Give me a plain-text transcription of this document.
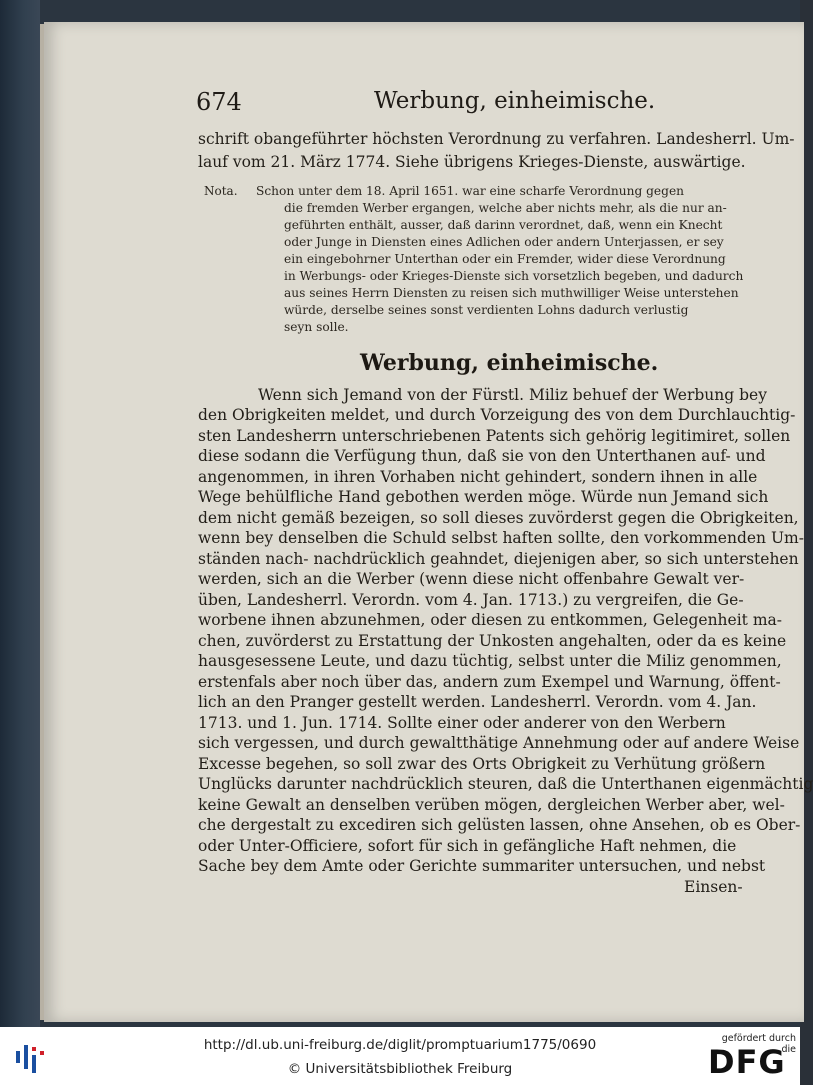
674	Werbung, einheimische.
schrift obangeführter höchsten Verordnung zu verfahren. Landesherrl. Um-
lauf vom 21. März 1774. Siehe übrigens Krieges-Dienste, auswärtige.
Nota.	Schon unter dem 18. April 1651. war eine scharfe Verordnung gegen
die fremden Werber ergangen, welche aber nichts mehr, als die nur an-
geführten enthält, ausser, daß darinn verordnet, daß, wenn ein Knecht
oder Junge in Diensten eines Adlichen oder andern Unterjassen, er sey
ein eingebohrner Unterthan oder ein Fremder, wider diese Verordnung
in Werbungs- oder Krieges-Dienste sich vorsetzlich begeben, und dadurch
aus seines Herrn Diensten zu reisen sich muthwilliger Weise unterstehen
würde, derselbe seines sonst verdienten Lohns dadurch verlustig
seyn solle.
Werbung, einheimische.
Wenn sich Jemand von der Fürstl. Miliz behuef der Werbung bey
den Obrigkeiten meldet, und durch Vorzeigung des von dem Durchlauchtig-
sten Landesherrn unterschriebenen Patents sich gehörig legitimiret, sollen
diese sodann die Verfügung thun, daß sie von den Unterthanen auf- und
angenommen, in ihren Vorhaben nicht gehindert, sondern ihnen in alle
Wege behülfliche Hand gebothen werden möge. Würde nun Jemand sich
dem nicht gemäß bezeigen, so soll dieses zuvörderst gegen die Obrigkeiten,
wenn bey denselben die Schuld selbst haften sollte, den vorkommenden Um-
ständen nach- nachdrücklich geahndet, diejenigen aber, so sich unterstehen
werden, sich an die Werber (wenn diese nicht offenbahre Gewalt ver-
üben, Landesherrl. Verordn. vom 4. Jan. 1713.) zu vergreifen, die Ge-
worbene ihnen abzunehmen, oder diesen zu entkommen, Gelegenheit ma-
chen, zuvörderst zu Erstattung der Unkosten angehalten, oder da es keine
hausgesessene Leute, und dazu tüchtig, selbst unter die Miliz genommen,
erstenfals aber noch über das, andern zum Exempel und Warnung, öffent-
lich an den Pranger gestellt werden. Landesherrl. Verordn. vom 4. Jan.
1713. und 1. Jun. 1714. Sollte einer oder anderer von den Werbern
sich vergessen, und durch gewaltthätige Annehmung oder auf andere Weise
Excesse begehen, so soll zwar des Orts Obrigkeit zu Verhütung größern
Unglücks darunter nachdrücklich steuren, daß die Unterthanen eigenmächtig
keine Gewalt an denselben verüben mögen, dergleichen Werber aber, wel-
che dergestalt zu excediren sich gelüsten lassen, ohne Ansehen, ob es Ober-
oder Unter-Officiere, sofort für sich in gefängliche Haft nehmen, die
Sache bey dem Amte oder Gerichte summariter untersuchen, und nebst
Einsen-
http://dl.ub.uni-freiburg.de/diglit/promptuarium1775/0690
© Universitätsbibliothek Freiburg
gefördert durch die
DFG
